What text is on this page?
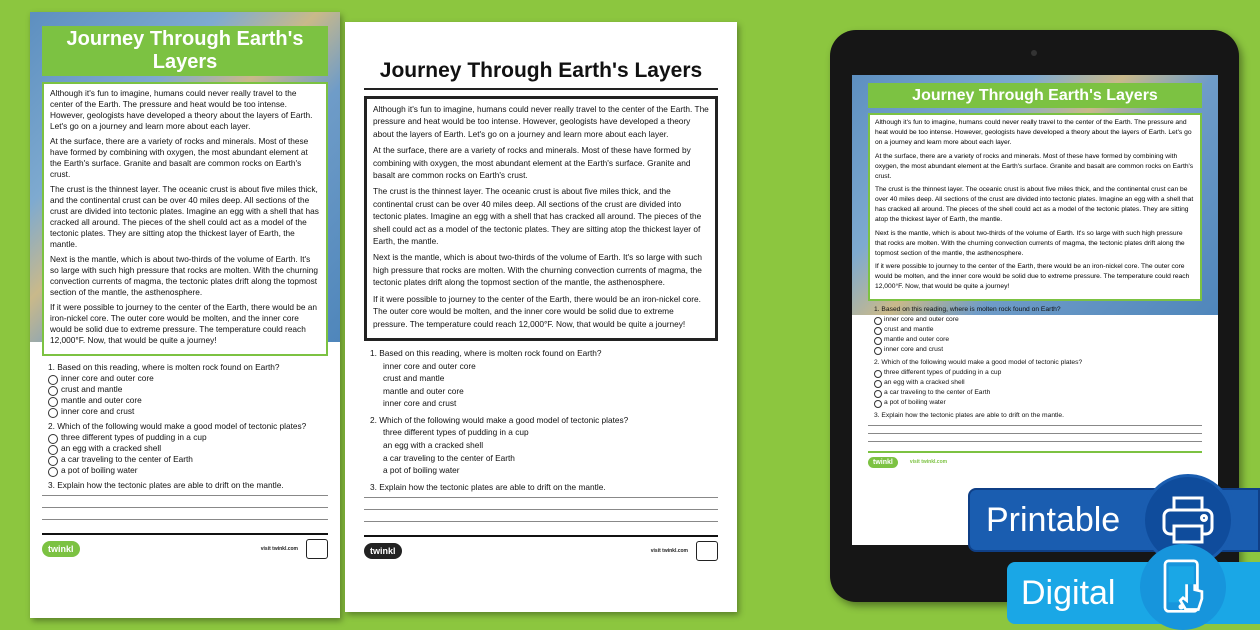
Journey Through Earth's Layers

Although it's fun to imagine, humans could never really travel to the center of the Earth. The pressure and heat would be too intense. However, geologists have developed a theory about the layers of Earth. Let's go on a journey and learn more about each layer.

At the surface, there are a variety of rocks and minerals. Most of these have formed by combining with oxygen, the most abundant element at the Earth's surface. Granite and basalt are common rocks on Earth's crust.

The crust is the thinnest layer. The oceanic crust is about five miles thick, and the continental crust can be over 40 miles deep. All sections of the crust are divided into tectonic plates. Imagine an egg with a shell that has cracked all around. The pieces of the shell could act as a model of the tectonic plates. They are sitting atop the thickest layer of Earth, the mantle.

Next is the mantle, which is about two-thirds of the volume of Earth. It's so large with such high pressure that rocks are molten. With the churning convection currents of magma, the tectonic plates drift along the topmost section of the mantle, the asthenosphere.

If it were possible to journey to the center of the Earth, there would be an iron-nickel core. The outer core would be molten, and the inner core would be solid due to extreme pressure. The temperature could reach 12,000°F. Now, that would be quite a journey!

1. Based on this reading, where is molten rock found on Earth?
inner core and outer core
crust and mantle
mantle and outer core
inner core and crust
2. Which of the following would make a good model of tectonic plates?
three different types of pudding in a cup
an egg with a cracked shell
a car traveling to the center of Earth
a pot of boiling water
3. Explain how the tectonic plates are able to drift on the mantle.
twinkl	visit twinkl.com
Journey Through Earth's Layers

Although it's fun to imagine, humans could never really travel to the center of the Earth. The pressure and heat would be too intense. However, geologists have developed a theory about the layers of Earth. Let's go on a journey and learn more about each layer.

At the surface, there are a variety of rocks and minerals. Most of these have formed by combining with oxygen, the most abundant element at the Earth's surface. Granite and basalt are common rocks on Earth's crust.

The crust is the thinnest layer. The oceanic crust is about five miles thick, and the continental crust can be over 40 miles deep. All sections of the crust are divided into tectonic plates. Imagine an egg with a shell that has cracked all around. The pieces of the shell could act as a model of the tectonic plates. They are sitting atop the thickest layer of Earth, the mantle.

Next is the mantle, which is about two-thirds of the volume of Earth. It's so large with such high pressure that rocks are molten. With the churning convection currents of magma, the tectonic plates drift along the topmost section of the mantle, the asthenosphere.

If it were possible to journey to the center of the Earth, there would be an iron-nickel core. The outer core would be molten, and the inner core would be solid due to extreme pressure. The temperature could reach 12,000°F. Now, that would be quite a journey!

1. Based on this reading, where is molten rock found on Earth?
inner core and outer core
crust and mantle
mantle and outer core
inner core and crust
2. Which of the following would make a good model of tectonic plates?
three different types of pudding in a cup
an egg with a cracked shell
a car traveling to the center of Earth
a pot of boiling water
3. Explain how the tectonic plates are able to drift on the mantle.
twinkl	visit twinkl.com
Journey Through Earth's Layers

Although it's fun to imagine, humans could never really travel to the center of the Earth. The pressure and heat would be too intense. However, geologists have developed a theory about the layers of Earth. Let's go on a journey and learn more about each layer.

At the surface, there are a variety of rocks and minerals. Most of these have formed by combining with oxygen, the most abundant element at the Earth's surface. Granite and basalt are common rocks on Earth's crust.

The crust is the thinnest layer. The oceanic crust is about five miles thick, and the continental crust can be over 40 miles deep. All sections of the crust are divided into tectonic plates. Imagine an egg with a shell that has cracked all around. The pieces of the shell could act as a model of the tectonic plates. They are sitting atop the thickest layer of Earth, the mantle.

Next is the mantle, which is about two-thirds of the volume of Earth. It's so large with such high pressure that rocks are molten. With the churning convection currents of magma, the tectonic plates drift along the topmost section of the mantle, the asthenosphere.

If it were possible to journey to the center of the Earth, there would be an iron-nickel core. The outer core would be molten, and the inner core would be solid due to extreme pressure. The temperature could reach 12,000°F. Now, that would be quite a journey!

1. Based on this reading, where is molten rock found on Earth?
inner core and outer core
crust and mantle
mantle and outer core
inner core and crust
2. Which of the following would make a good model of tectonic plates?
three different types of pudding in a cup
an egg with a cracked shell
a car traveling to the center of Earth
a pot of boiling water
3. Explain how the tectonic plates are able to drift on the mantle.
twinkl	visit twinkl.com
Printable
Digital
